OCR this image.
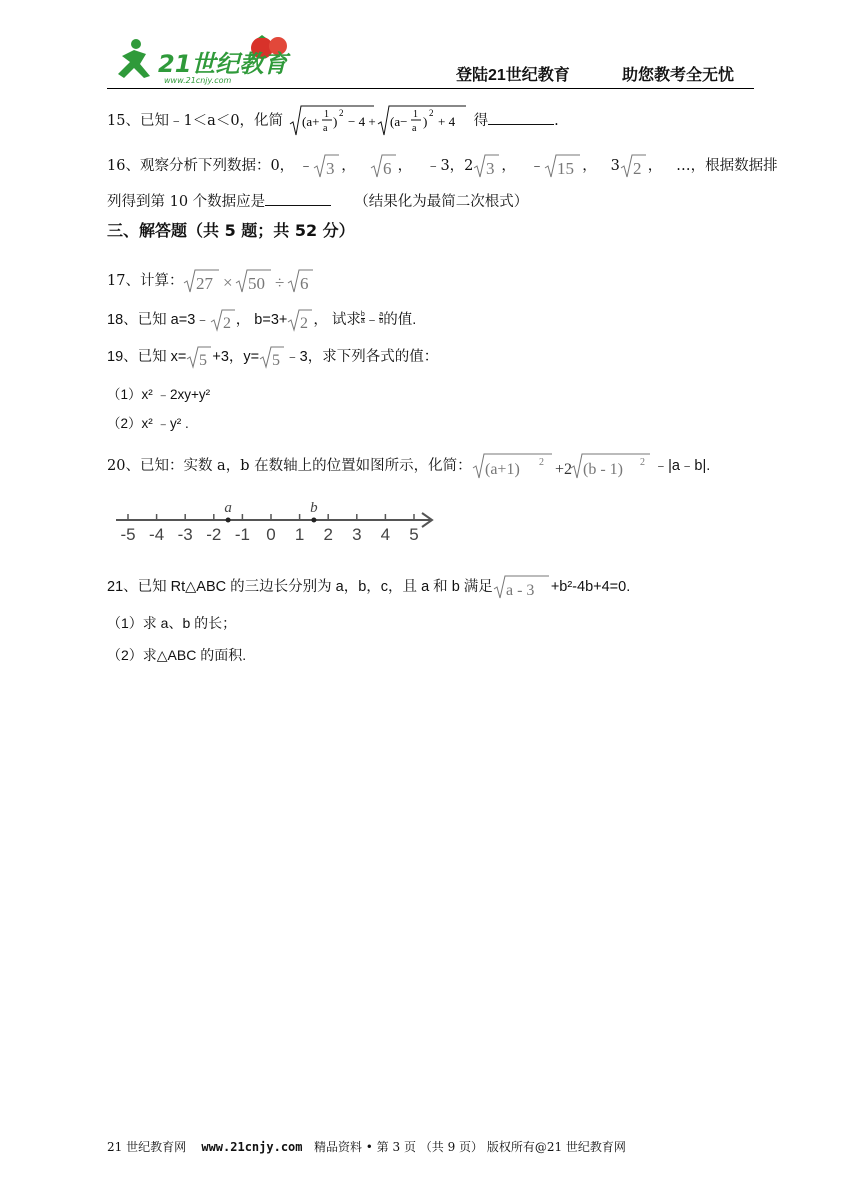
21世纪教育
www.21cnjy.com	登陆21世纪教育	助您教考全无忧
15、已知﹣1＜a＜0，化简 (a+ 1
a )
2
− 4 + (a− 1
a )
2
+ 4 得	.
16、观察分析下列数据：0， ﹣ 3 ， 6 ， ﹣3，2 3 ， ﹣ 15 ， 3 2 ， …，根据数据排
列得到第 10 个数据应是	（结果化为最简二次根式）
三、解答题（共 5 题；共 52 分）
17、计算： 27 × 50 ÷ 6
18、已知 a=3﹣ 2 ， b=3+ 2 ， 试求 $\frac{b}{a}$ ﹣ $\frac{a}{b}$ 的值.
19、已知 x= 5 +3，y= 5 ﹣3，求下列各式的值：
（1）x² ﹣2xy+y²
（2）x² ﹣y² .
20、已知：实数 a，b 在数轴上的位置如图所示，化简： (a+1) 2 +2 (b - 1) 2 ﹣|a﹣b|.
-5 -4 -3 -2 -1 0 1 2 3 4 5
a	b
21、已知 Rt△ABC 的三边长分别为 a，b，c，且 a 和 b 满足 a - 3 +b²-4b+4=0.
（1）求 a、b 的长；
（2）求△ABC 的面积.
21 世纪教育网 www.21cnjy.com 精品资料 • 第 3 页 （共 9 页） 版权所有@21 世纪教育网
